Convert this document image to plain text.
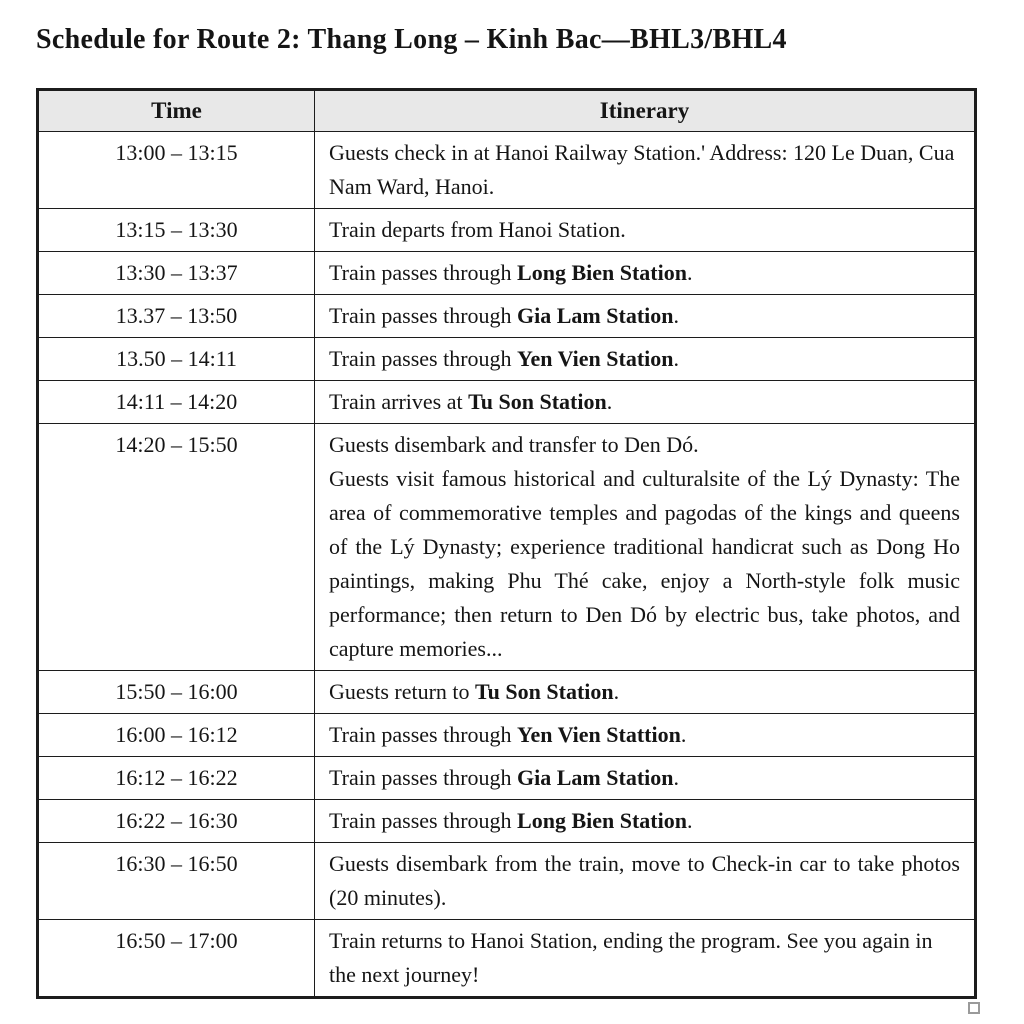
Schedule for Route 2: Thang Long – Kinh Bac—BHL3/BHL4
Time	Itinerary
13:00 – 13:15	Guests check in at Hanoi Railway Station.' Address: 120 Le Duan, Cua Nam Ward, Hanoi.

13:15 – 13:30	Train departs from Hanoi Station.

13:30 – 13:37	Train passes through Long Bien Station.

13.37 – 13:50	Train passes through Gia Lam Station.

13.50 – 14:11	Train passes through Yen Vien Station.

14:11 – 14:20	Train arrives at Tu Son Station.

14:20 – 15:50	Guests disembark and transfer to Den Dó.

Guests visit famous historical and culturalsite of the Lý Dynasty: The area of commemorative temples and pagodas of the kings and queens of the Lý Dynasty; experience traditional handicrat such as Dong Ho paintings, making Phu Thé cake, enjoy a North-style folk music performance; then return to Den Dó by electric bus, take photos, and capture memories...

15:50 – 16:00	Guests return to Tu Son Station.

16:00 – 16:12	Train passes through Yen Vien Stattion.

16:12 – 16:22	Train passes through Gia Lam Station.

16:22 – 16:30	Train passes through Long Bien Station.

16:30 – 16:50	Guests disembark from the train, move to Check-in car to take photos (20 minutes).

16:50 – 17:00	Train returns to Hanoi Station, ending the program. See you again in the next journey!
